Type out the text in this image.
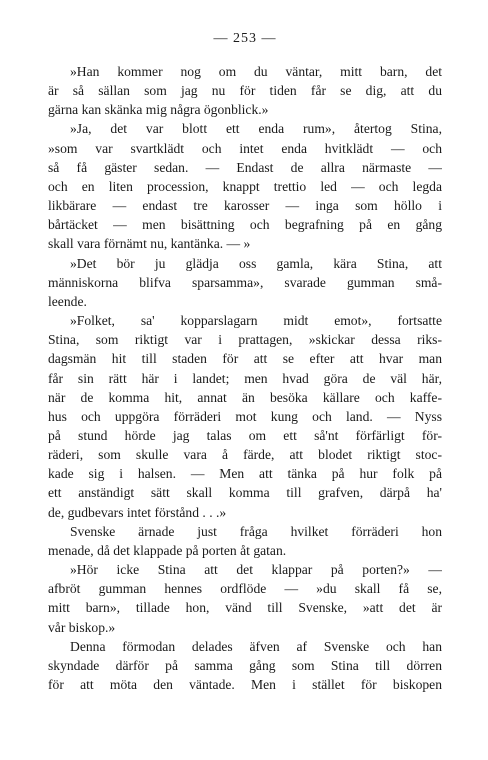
— 253 —
»Han kommer nog om du väntar, mitt barn, det
är så sällan som jag nu för tiden får se dig, att du
gärna kan skänka mig några ögonblick.»
»Ja, det var blott ett enda rum», återtog Stina,
»som var svartklädt och intet enda hvitklädt — och
så få gäster sedan. — Endast de allra närmaste —
och en liten procession, knappt trettio led — och legda
likbärare — endast tre karosser — inga som höllo i
bårtäcket — men bisättning och begrafning på en gång
skall vara förnämt nu, kantänka. — »
»Det bör ju glädja oss gamla, kära Stina, att
människorna blifva sparsamma», svarade gumman små-
leende.
»Folket, sa' kopparslagarn midt emot», fortsatte
Stina, som riktigt var i prattagen, »skickar dessa riks-
dagsmän hit till staden för att se efter att hvar man
får sin rätt här i landet; men hvad göra de väl här,
när de komma hit, annat än besöka källare och kaffe-
hus och uppgöra förräderi mot kung och land. — Nyss
på stund hörde jag talas om ett så'nt förfärligt för-
räderi, som skulle vara å färde, att blodet riktigt stoc-
kade sig i halsen. — Men att tänka på hur folk på
ett anständigt sätt skall komma till grafven, därpå ha'
de, gudbevars intet förstånd . . .»
Svenske ärnade just fråga hvilket förräderi hon
menade, då det klappade på porten åt gatan.
»Hör icke Stina att det klappar på porten?» —
afbröt gumman hennes ordflöde — »du skall få se,
mitt barn», tillade hon, vänd till Svenske, »att det är
vår biskop.»
Denna förmodan delades äfven af Svenske och han
skyndade därför på samma gång som Stina till dörren
för att möta den väntade. Men i stället för biskopen
